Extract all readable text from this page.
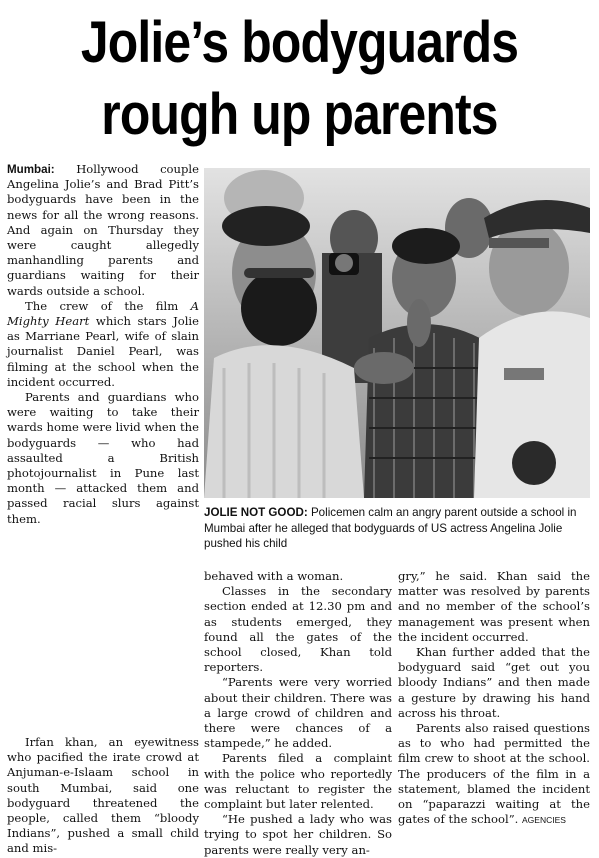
Jolie’s bodyguards
rough up parents

Mumbai: Hollywood couple Angelina Jolie’s and Brad Pitt’s bodyguards have been in the news for all the wrong reasons. And again on Thursday they were caught allegedly manhandling parents and guardians waiting for their wards outside a school.

The crew of the film A Mighty Heart which stars Jolie as Marriane Pearl, wife of slain journalist Daniel Pearl, was filming at the school when the incident occurred.

Parents and guardians who were waiting to take their wards home were livid when the bodyguards — who had assaulted a British photojournalist in Pune last month — attacked them and passed racial slurs against them.	JOLIE NOT GOOD: Policemen calm an angry parent outside a school in Mumbai after he alleged that bodyguards of US actress Angelina Jolie pushed his child

Irfan khan, an eyewitness who pacified the irate crowd at Anjuman-e-Islaam school in south Mumbai, said one bodyguard threatened the people, called them “bloody Indians”, pushed a small child and mis-

behaved with a woman.

Classes in the secondary section ended at 12.30 pm and as students emerged, they found all the gates of the school closed, Khan told reporters.

“Parents were very worried about their children. There was a large crowd of children and there were chances of a stampede,” he added.

Parents filed a complaint with the police who reportedly was reluctant to register the complaint but later relented.

“He pushed a lady who was trying to spot her children. So parents were really very an-

gry,” he said. Khan said the matter was resolved by parents and no member of the school’s management was present when the incident occurred.

Khan further added that the bodyguard said “get out you bloody Indians” and then made a gesture by drawing his hand across his throat.

Parents also raised questions as to who had permitted the film crew to shoot at the school. The producers of the film in a statement, blamed the incident on “paparazzi waiting at the gates of the school”. AGENCIES
